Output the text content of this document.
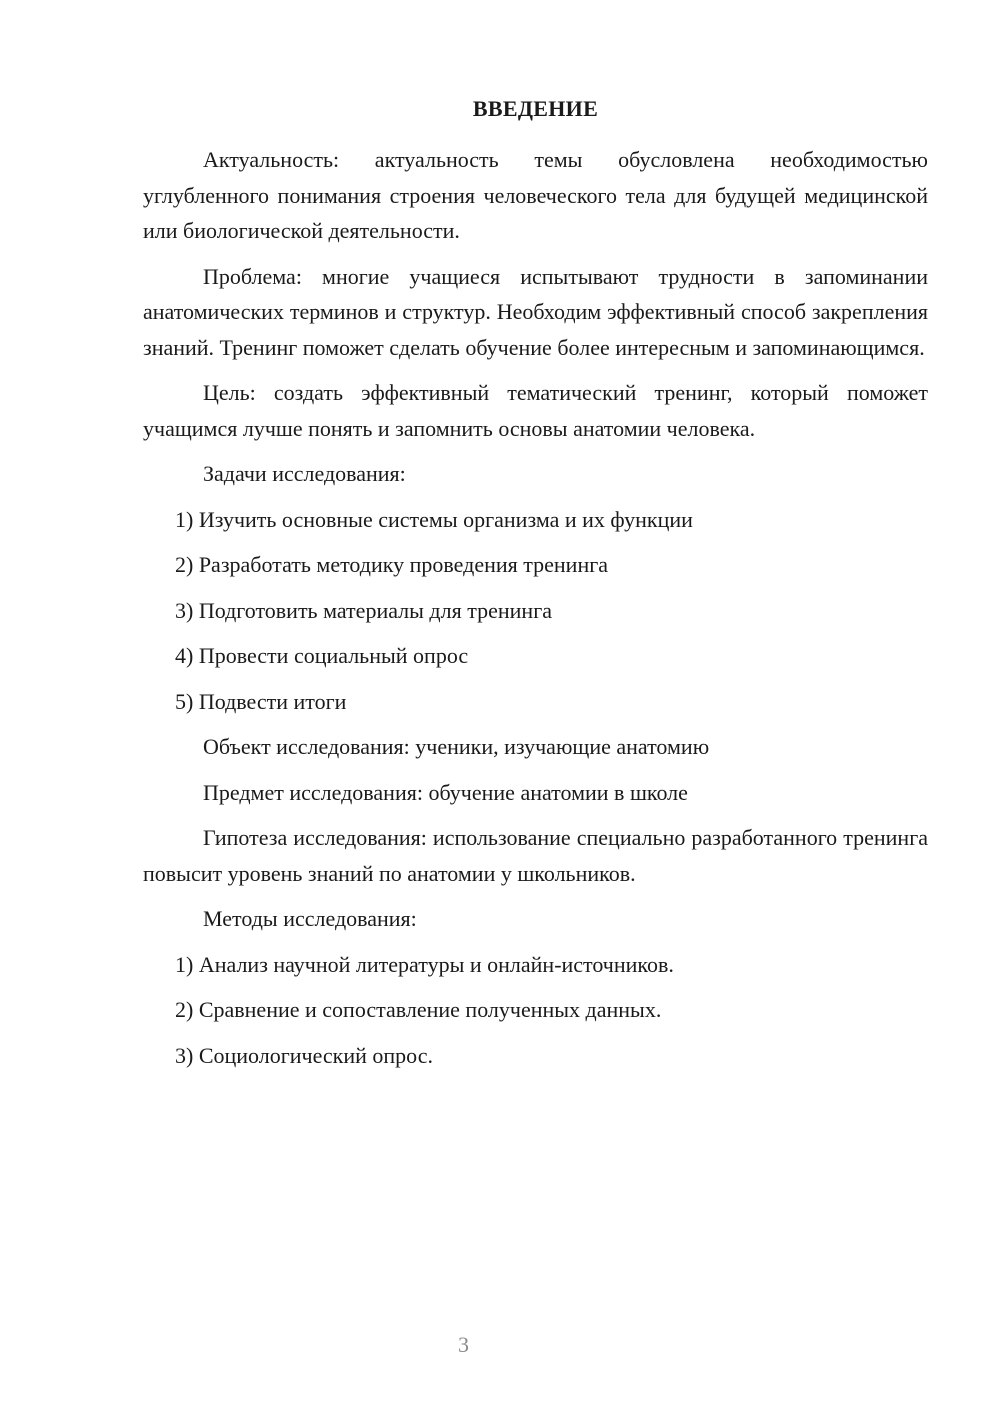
ВВЕДЕНИЕ

Актуальность: актуальность темы обусловлена необходимостью углубленного понимания строения человеческого тела для будущей медицинской или биологической деятельности.

Проблема: многие учащиеся испытывают трудности в запоминании анатомических терминов и структур. Необходим эффективный способ закрепления знаний. Тренинг поможет сделать обучение более интересным и запоминающимся.

Цель: создать эффективный тематический тренинг, который поможет учащимся лучше понять и запомнить основы анатомии человека.

Задачи исследования:

1) Изучить основные системы организма и их функции

2) Разработать методику проведения тренинга

3) Подготовить материалы для тренинга

4) Провести социальный опрос

5) Подвести итоги

Объект исследования: ученики, изучающие анатомию

Предмет исследования: обучение анатомии в школе

Гипотеза исследования: использование специально разработанного тренинга повысит уровень знаний по анатомии у школьников.

Методы исследования:

1) Анализ научной литературы и онлайн-источников.

2) Сравнение и сопоставление полученных данных.

3) Социологический опрос.

3
